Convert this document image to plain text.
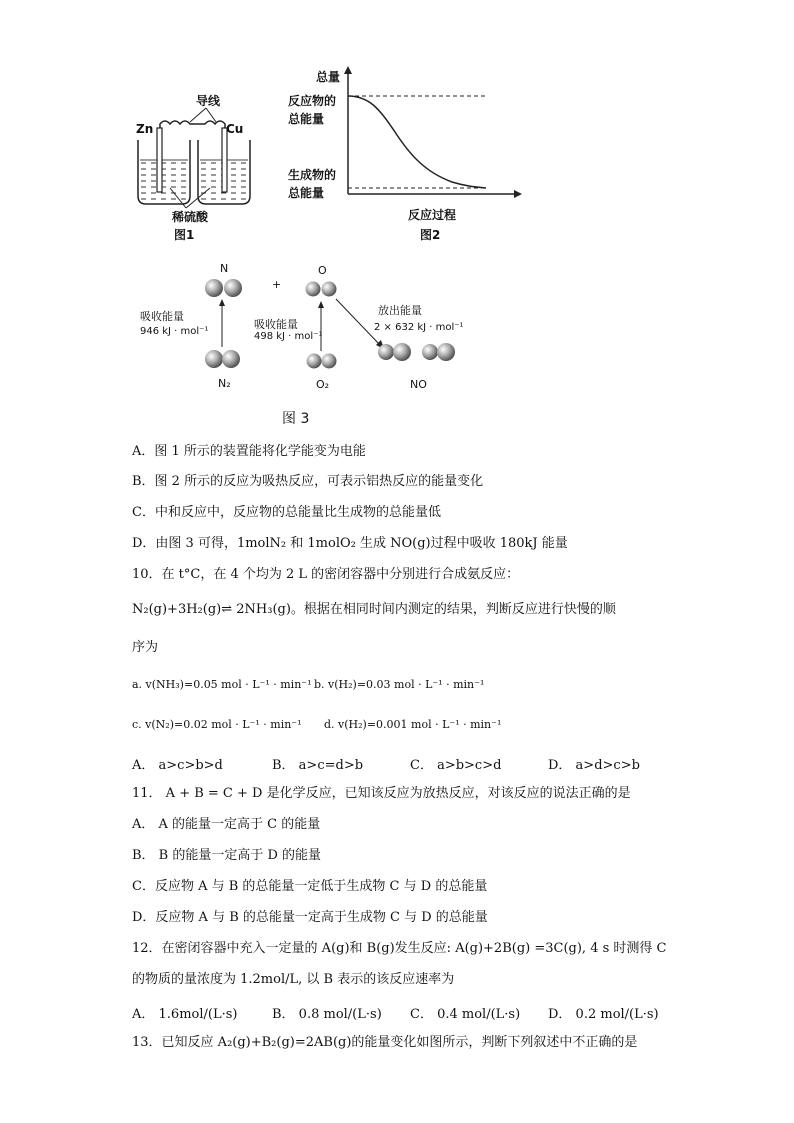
导线
Zn	Cu
稀硫酸
图1
总量
反应物的
总能量
生成物的
总能量
反应过程
图2
N
+
O
吸收能量
946 kJ · mol⁻¹
吸收能量
498 kJ · mol⁻¹
放出能量
2 × 632 kJ · mol⁻¹
N₂	O₂	NO
图 3
A．图 1 所示的装置能将化学能变为电能
B．图 2 所示的反应为吸热反应，可表示铝热反应的能量变化
C．中和反应中，反应物的总能量比生成物的总能量低
D．由图 3 可得，1molN₂ 和 1molO₂ 生成 NO(g)过程中吸收 180kJ 能量
10．在 t°C，在 4 个均为 2 L 的密闭容器中分别进行合成氨反应：
N₂(g)+3H₂(g)⇌ 2NH₃(g)。根据在相同时间内测定的结果，判断反应进行快慢的顺
序为
a. v(NH₃)=0.05 mol · L⁻¹ · min⁻¹ b. v(H₂)=0.03 mol · L⁻¹ · min⁻¹
c. v(N₂)=0.02 mol · L⁻¹ · min⁻¹ d. v(H₂)=0.001 mol · L⁻¹ · min⁻¹
A． a>c>b>d	B． a>c=d>b	C． a>b>c>d	D． a>d>c>b
11． A + B = C + D 是化学反应，已知该反应为放热反应，对该反应的说法正确的是
A． A 的能量一定高于 C 的能量
B． B 的能量一定高于 D 的能量
C．反应物 A 与 B 的总能量一定低于生成物 C 与 D 的总能量
D．反应物 A 与 B 的总能量一定高于生成物 C 与 D 的总能量
12．在密闭容器中充入一定量的 A(g)和 B(g)发生反应: A(g)+2B(g) =3C(g), 4 s 时测得 C
的物质的量浓度为 1.2mol/L, 以 B 表示的该反应速率为
A． 1.6mol/(L·s)	B． 0.8 mol/(L·s) C． 0.4 mol/(L·s) D． 0.2 mol/(L·s)
13．已知反应 A₂(g)+B₂(g)=2AB(g)的能量变化如图所示，判断下列叙述中不正确的是
